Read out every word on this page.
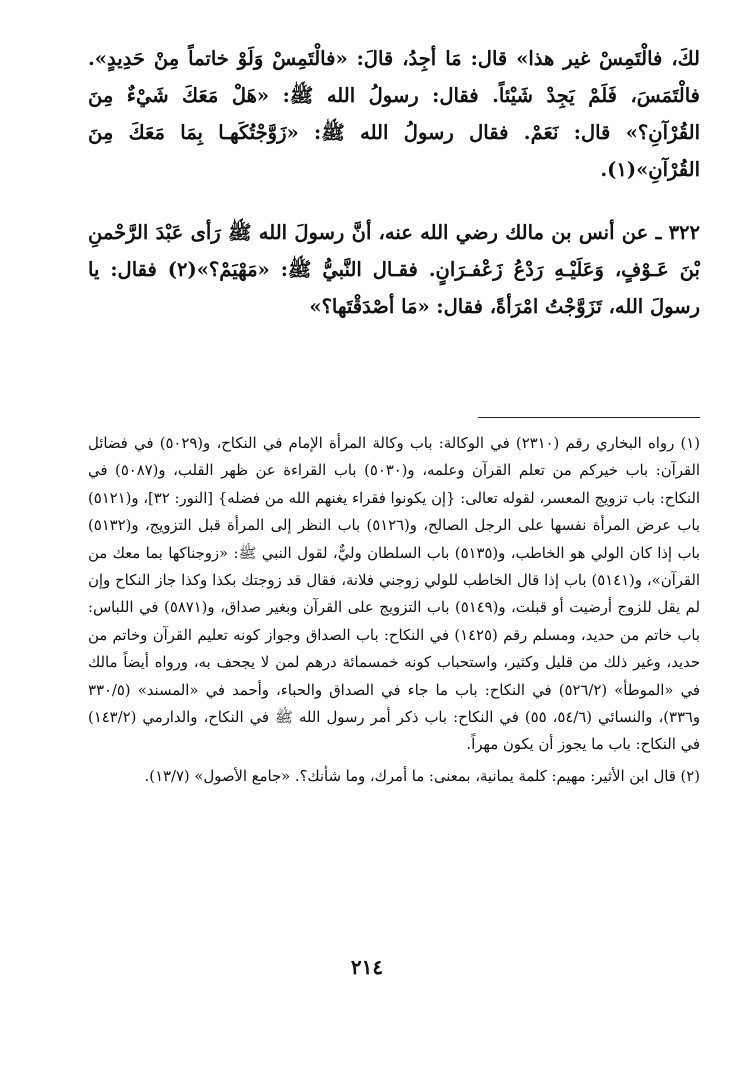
لكَ، فالْتَمِسْ غير هذا» قال: مَا أجِدُ، قالَ: «فالْتَمِسْ وَلَوْ خاتماً مِنْ حَدِيدٍ». فالْتَمَسَ، فَلَمْ يَجِدْ شَيْئاً. فقال: رسولُ الله ﷺ: «هَلْ مَعَكَ شَيْءٌ مِنَ القُرْآنِ؟» قال: نَعَمْ. فقال رسولُ الله ﷺ: «زَوَّجْتُكَهـا بِمَا مَعَكَ مِنَ القُرْآنِ»(١).

٣٢٢ ـ عن أنس بن مالك رضي الله عنه، أنَّ رسولَ الله ﷺ رَأى عَبْدَ الرَّحْمنِ بْنَ عَـوْفٍ، وَعَلَيْـهِ رَدْعُ زَعْفـرَانٍ. فقـال النَّبيُّ ﷺ: «مَهْيَمْ؟»(٢) فقال: يا رسولَ الله، تَزَوَّجْتُ امْرَأةً، فقال: «مَا أصْدَقْتَها؟»

(١) رواه البخاري رقم (٢٣١٠) في الوكالة: باب وكالة المرأة الإمام في النكاح، و(٥٠٢٩) في فضائل القرآن: باب خيركم من تعلم القرآن وعلمه، و(٥٠٣٠) باب القراءة عن ظهر القلب، و(٥٠٨٧) في النكاح: باب تزويج المعسر، لقوله تعالى: {إن يكونوا فقراء يغنهم الله من فضله} [النور: ٣٢]، و(٥١٢١) باب عرض المرأة نفسها على الرجل الصالح، و(٥١٢٦) باب النظر إلى المرأة قبل التزويج، و(٥١٣٢) باب إذا كان الولي هو الخاطب، و(٥١٣٥) باب السلطان وليٌّ، لقول النبي ﷺ: «زوجناكها بما معك من القرآن»، و(٥١٤١) باب إذا قال الخاطب للولي زوجني فلانة، فقال قد زوجتك بكذا وكذا جاز النكاح وإن لم يقل للزوج أرضيت أو قبلت، و(٥١٤٩) باب التزويج على القرآن وبغير صداق، و(٥٨٧١) في اللباس: باب خاتم من حديد، ومسلم رقم (١٤٢٥) في النكاح: باب الصداق وجواز كونه تعليم القرآن وخاتم من حديد، وغير ذلك من قليل وكثير، واستحباب كونه خمسمائة درهم لمن لا يجحف به، ورواه أيضاً مالك في «الموطأ» (٥٢٦/٢) في النكاح: باب ما جاء في الصداق والحباء، وأحمد في «المسند» (٣٣٠/٥ و٣٣٦)، والنسائي (٥٤/٦، ٥٥) في النكاح: باب ذكر أمر رسول الله ﷺ في النكاح، والدارمي (١٤٣/٢) في النكاح: باب ما يجوز أن يكون مهراً.

(٢) قال ابن الأثير: مهيم: كلمة يمانية، بمعنى: ما أمرك، وما شأنك؟. «جامع الأصول» (١٣/٧).

٢١٤
